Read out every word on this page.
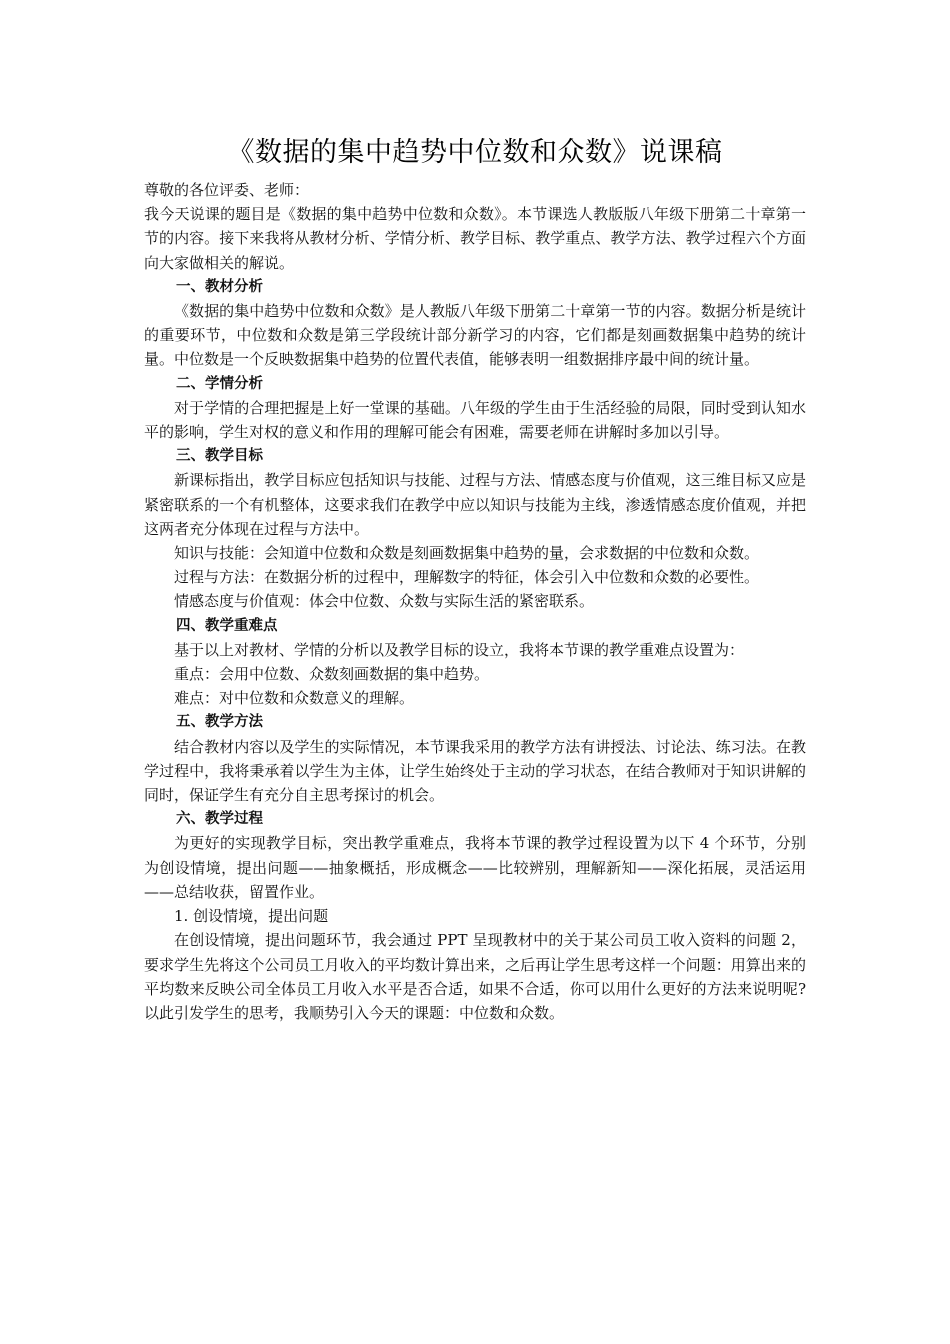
《数据的集中趋势中位数和众数》说课稿

尊敬的各位评委、老师：

我今天说课的题目是《数据的集中趋势中位数和众数》。本节课选人教版版八年级下册第二十章第一节的内容。接下来我将从教材分析、学情分析、教学目标、教学重点、教学方法、教学过程六个方面向大家做相关的解说。

一、教材分析

《数据的集中趋势中位数和众数》是人教版八年级下册第二十章第一节的内容。数据分析是统计的重要环节，中位数和众数是第三学段统计部分新学习的内容，它们都是刻画数据集中趋势的统计量。中位数是一个反映数据集中趋势的位置代表值，能够表明一组数据排序最中间的统计量。

二、学情分析

对于学情的合理把握是上好一堂课的基础。八年级的学生由于生活经验的局限，同时受到认知水平的影响，学生对权的意义和作用的理解可能会有困难，需要老师在讲解时多加以引导。

三、教学目标

新课标指出，教学目标应包括知识与技能、过程与方法、情感态度与价值观，这三维目标又应是紧密联系的一个有机整体，这要求我们在教学中应以知识与技能为主线，渗透情感态度价值观，并把这两者充分体现在过程与方法中。

知识与技能：会知道中位数和众数是刻画数据集中趋势的量，会求数据的中位数和众数。

过程与方法：在数据分析的过程中，理解数字的特征，体会引入中位数和众数的必要性。

情感态度与价值观：体会中位数、众数与实际生活的紧密联系。

四、教学重难点

基于以上对教材、学情的分析以及教学目标的设立，我将本节课的教学重难点设置为：

重点：会用中位数、众数刻画数据的集中趋势。

难点：对中位数和众数意义的理解。

五、教学方法

结合教材内容以及学生的实际情况，本节课我采用的教学方法有讲授法、讨论法、练习法。在教学过程中，我将秉承着以学生为主体，让学生始终处于主动的学习状态，在结合教师对于知识讲解的同时，保证学生有充分自主思考探讨的机会。

六、教学过程

为更好的实现教学目标，突出教学重难点，我将本节课的教学过程设置为以下 4 个环节，分别为创设情境，提出问题——抽象概括，形成概念——比较辨别，理解新知——深化拓展，灵活运用——总结收获，留置作业。

1. 创设情境，提出问题

在创设情境，提出问题环节，我会通过 PPT 呈现教材中的关于某公司员工收入资料的问题 2，要求学生先将这个公司员工月收入的平均数计算出来，之后再让学生思考这样一个问题：用算出来的平均数来反映公司全体员工月收入水平是否合适，如果不合适，你可以用什么更好的方法来说明呢?以此引发学生的思考，我顺势引入今天的课题：中位数和众数。
